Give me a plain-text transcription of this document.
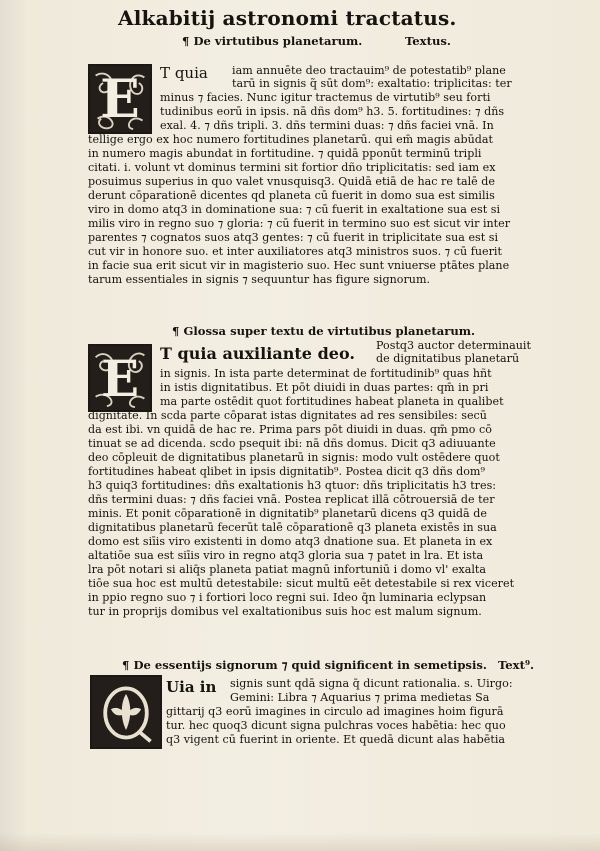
Alkabitij astronomi tractatus.
¶ De virtutibus planetarum.	Textus.
E	T quia iam annuēte deo tractauim⁹ de potestatib⁹ plane
tarū in signis q̃ sūt dom⁹: exaltatio: triplicitas: ter
minus ⁊ facies. Nunc igitur tractemus de virtutib⁹ seu forti
tudinibus eorū in ipsis. nā dñs dom⁹ h3. 5. fortitudines: ⁊ dñs
exal. 4. ⁊ dñs tripli. 3. dñs termini duas: ⁊ dñs faciei vnā. In
tellige ergo ex hoc numero fortitudines planetarū. qui em̄ magis abūdat
in numero magis abundat in fortitudine. ⁊ quidā pponūt terminū tripli
citati. i. volunt vt dominus termini sit fortior dño triplicitatis: sed iam ex
posuimus superius in quo valet vnusquisq3. Quidā etiā de hac re talē de
derunt cōparationē dicentes qd planeta cū fuerit in domo sua est similis
viro in domo atq3 in dominatione sua: ⁊ cū fuerit in exaltatione sua est si
milis viro in regno suo ⁊ gloria: ⁊ cū fuerit in termino suo est sicut vir inter
parentes ⁊ cognatos suos atq3 gentes: ⁊ cū fuerit in triplicitate sua est si
cut vir in honore suo. et inter auxiliatores atq3 ministros suos. ⁊ cū fuerit
in facie sua erit sicut vir in magisterio suo. Hec sunt vniuerse ptātes plane
tarum essentiales in signis ⁊ sequuntur has figure signorum.
¶ Glossa super textu de virtutibus planetarum.
E	T quia auxiliante deo. Postq3 auctor determinauit
de dignitatibus planetarū
in signis. In ista parte determinat de fortitudinib⁹ quas hñt
in istis dignitatibus. Et pōt diuidi in duas partes: qm̄ in pri
ma parte ostēdit quot fortitudines habeat planeta in qualibet
dignitate. In scda parte cōparat istas dignitates ad res sensibiles: secū
da est ibi. vn quidā de hac re. Prima pars pōt diuidi in duas. qm̄ pmo cō
tinuat se ad dicenda. scdo psequit ibi: nā dñs domus. Dicit q3 adiuuante
deo cōpleuit de dignitatibus planetarū in signis: modo vult ostēdere quot
fortitudines habeat qlibet in ipsis dignitatib⁹. Postea dicit q3 dñs dom⁹
h3 quiq3 fortitudines: dñs exaltationis h3 qtuor: dñs triplicitatis h3 tres:
dñs termini duas: ⁊ dñs faciei vnā. Postea replicat illā cōtrouersiā de ter
minis. Et ponit cōparationē in dignitatib⁹ planetarū dicens q3 quidā de
dignitatibus planetarū fecerūt talē cōparationē q3 planeta existēs in sua
domo est siīis viro existenti in domo atq3 dnatione sua. Et planeta in ex
altatiōe sua est siīis viro in regno atq3 gloria sua ⁊ patet in lra. Et ista
lra pōt notari si aliq̄s planeta patiat magnū infortuniū i domo vl' exalta
tiōe sua hoc est multū detestabile: sicut multū eēt detestabile si rex viceret
in ppio regno suo ⁊ i fortiori loco regni sui. Ideo q̄n luminaria eclypsan
tur in proprijs domibus vel exaltationibus suis hoc est malum signum.
¶ De essentijs signorum ⁊ quid significent in semetipsis. Text⁹.
Uia in signis sunt qdā signa q̄ dicunt rationalia. s. Uirgo:
Gemini: Libra ⁊ Aquarius ⁊ prima medietas Sa
gittarij q3 eorū imagines in circulo ad imagines hoim figurā
tur. hec quoq3 dicunt signa pulchras voces habētia: hec quo
q3 vigent cū fuerint in oriente. Et quedā dicunt alas habētia
